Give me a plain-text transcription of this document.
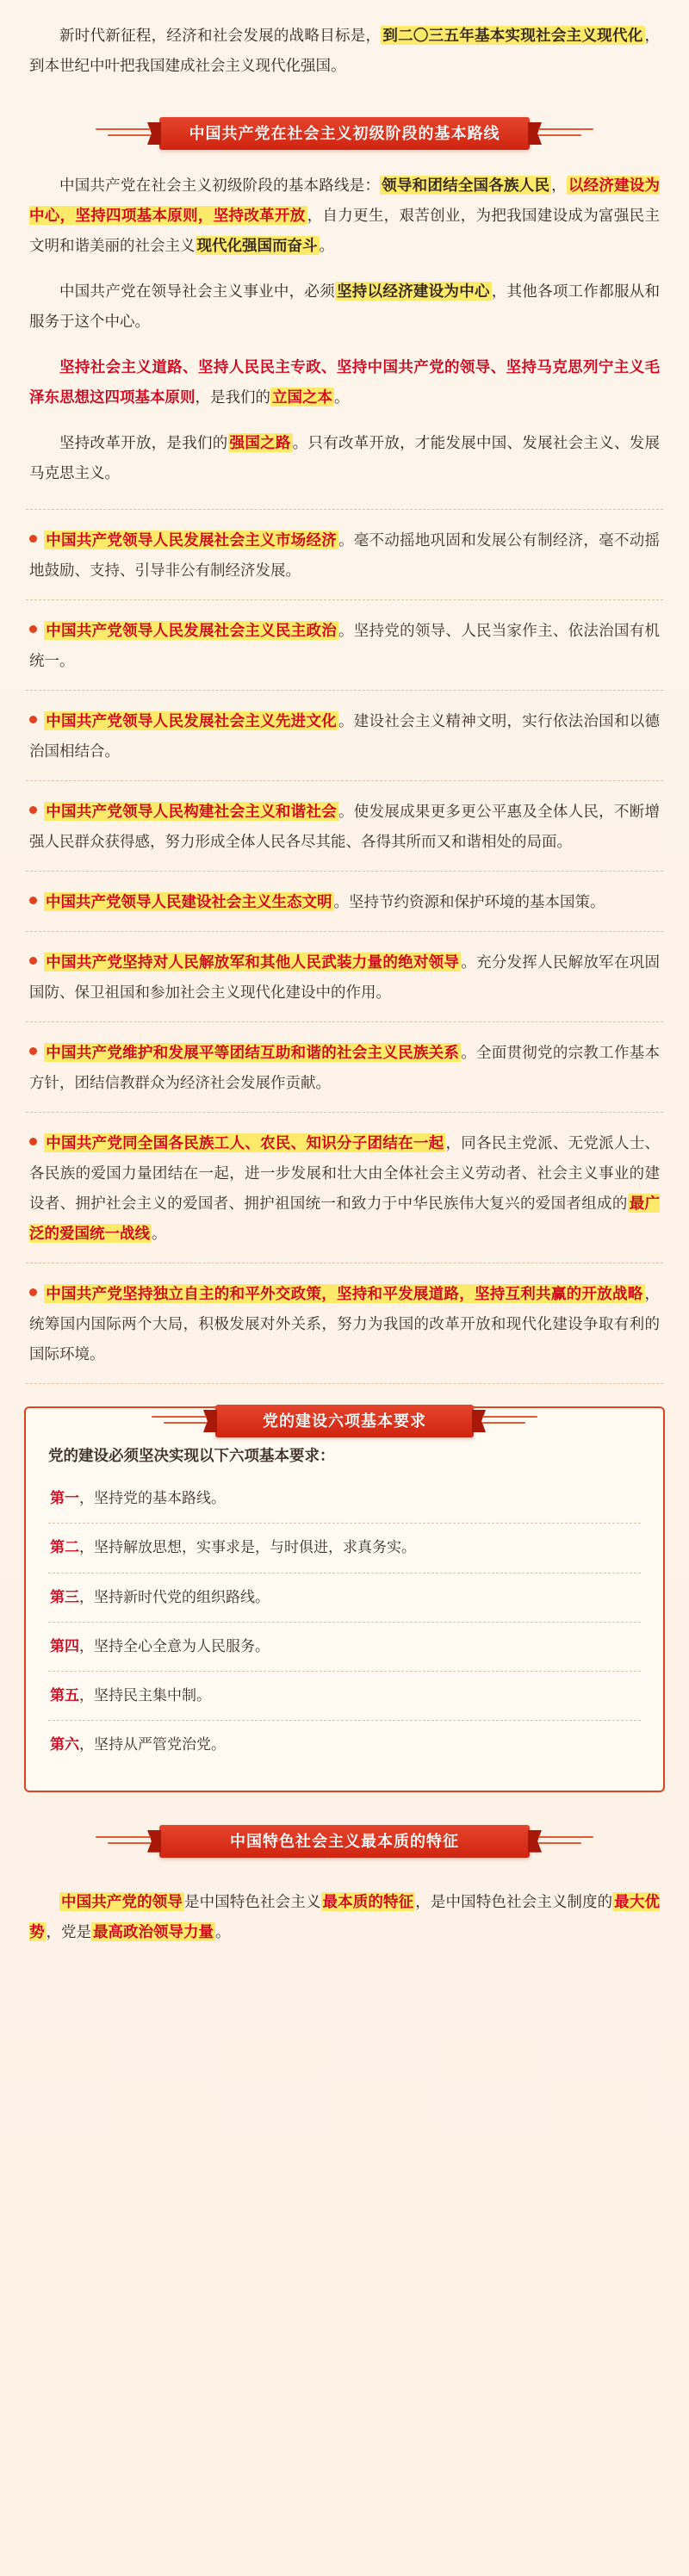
新时代新征程，经济和社会发展的战略目标是， 到二〇三五年基本实现社会主义现代化 ，到本世纪中叶把我国建成社会主义现代化强国。

中国共产党在社会主义初级阶段的基本路线

中国共产党在社会主义初级阶段的基本路线是： 领导和团结全国各族人民 ， 以经济建设为中心，坚持四项基本原则，坚持改革开放 ，自力更生，艰苦创业，为把我国建设成为富强民主文明和谐美丽的社会主义 现代化强国而奋斗 。

中国共产党在领导社会主义事业中，必须 坚持以经济建设为中心 ，其他各项工作都服从和服务于这个中心。

坚持社会主义道路、坚持人民民主专政、坚持中国共产党的领导、坚持马克思列宁主义毛泽东思想这四项基本原则，是我们的 立国之本 。

坚持改革开放，是我们的 强国之路 。只有改革开放，才能发展中国、发展社会主义、发展马克思主义。

中国共产党领导人民发展社会主义市场经济 。毫不动摇地巩固和发展公有制经济，毫不动摇地鼓励、支持、引导非公有制经济发展。

中国共产党领导人民发展社会主义民主政治 。坚持党的领导、人民当家作主、依法治国有机统一。

中国共产党领导人民发展社会主义先进文化 。建设社会主义精神文明，实行依法治国和以德治国相结合。

中国共产党领导人民构建社会主义和谐社会 。使发展成果更多更公平惠及全体人民，不断增强人民群众获得感，努力形成全体人民各尽其能、各得其所而又和谐相处的局面。

中国共产党领导人民建设社会主义生态文明 。坚持节约资源和保护环境的基本国策。

中国共产党坚持对人民解放军和其他人民武装力量的绝对领导 。充分发挥人民解放军在巩固国防、保卫祖国和参加社会主义现代化建设中的作用。

中国共产党维护和发展平等团结互助和谐的社会主义民族关系 。全面贯彻党的宗教工作基本方针，团结信教群众为经济社会发展作贡献。

中国共产党同全国各民族工人、农民、知识分子团结在一起 ，同各民主党派、无党派人士、各民族的爱国力量团结在一起，进一步发展和壮大由全体社会主义劳动者、社会主义事业的建设者、拥护社会主义的爱国者、拥护祖国统一和致力于中华民族伟大复兴的爱国者组成的 最广泛的爱国统一战线 。

中国共产党坚持独立自主的和平外交政策，坚持和平发展道路，坚持互利共赢的开放战略 ，统筹国内国际两个大局，积极发展对外关系，努力为我国的改革开放和现代化建设争取有利的国际环境。

党的建设六项基本要求

党的建设必须坚决实现以下六项基本要求：

第一，坚持党的基本路线。
第二，坚持解放思想，实事求是，与时俱进，求真务实。
第三，坚持新时代党的组织路线。
第四，坚持全心全意为人民服务。
第五，坚持民主集中制。
第六，坚持从严管党治党。
中国特色社会主义最本质的特征

中国共产党的领导 是中国特色社会主义 最本质的特征 ，是中国特色社会主义制度的 最大优势 ，党是 最高政治领导力量 。
